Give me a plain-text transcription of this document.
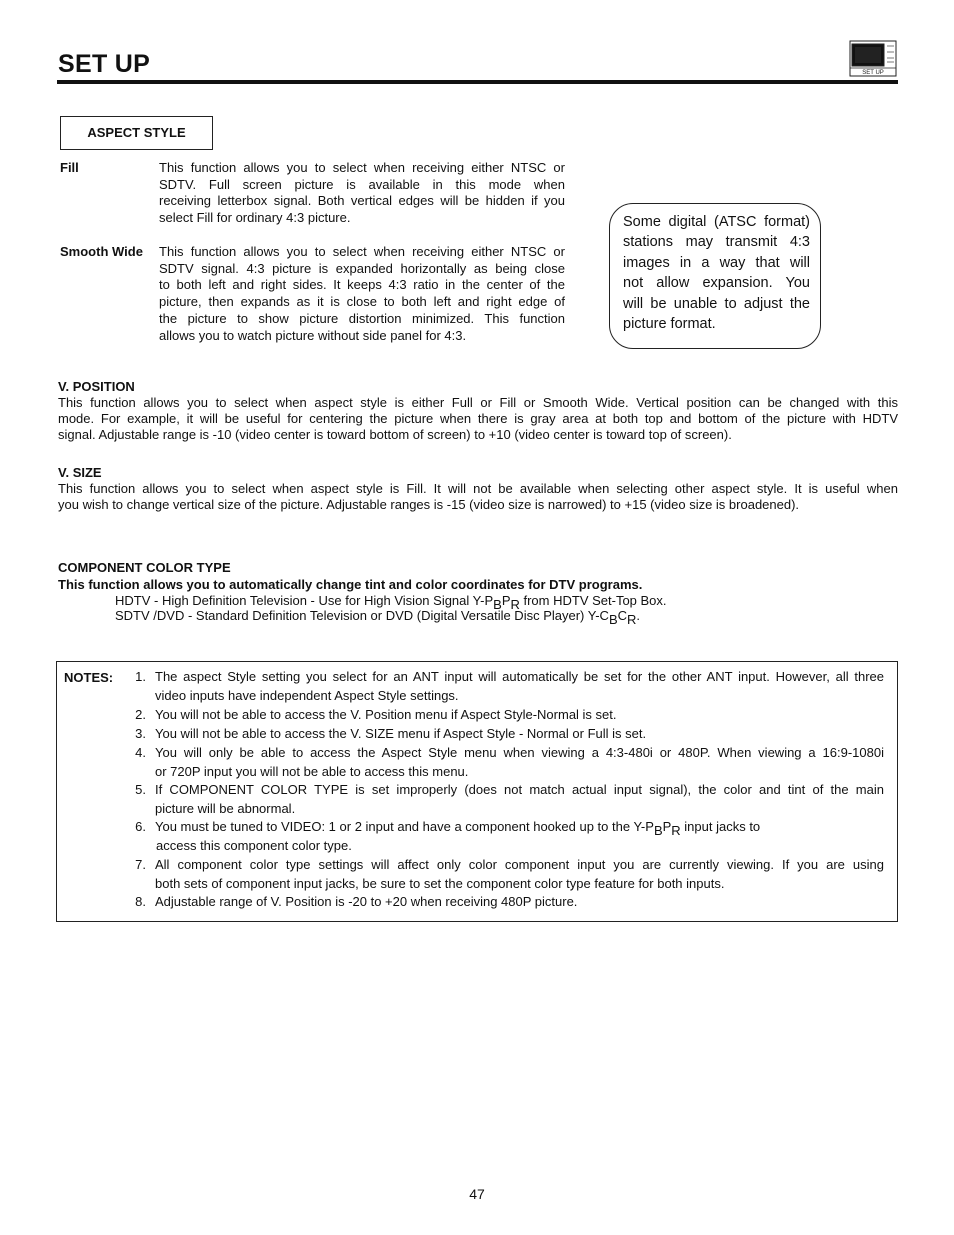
SET UP	SET UP
ASPECT STYLE
Fill	This function allows you to select when receiving either NTSC or
SDTV. Full screen picture is available in this mode when
receiving letterbox signal. Both vertical edges will be hidden if you
select Fill for ordinary 4:3 picture.
Smooth Wide This function allows you to select when receiving either NTSC or
SDTV signal. 4:3 picture is expanded horizontally as being close
to both left and right sides. It keeps 4:3 ratio in the center of the
picture, then expands as it is close to both left and right edge of
the picture to show picture distortion minimized. This function
allows you to watch picture without side panel for 4:3.
Some digital (ATSC format)
stations may transmit 4:3
images in a way that will
not allow expansion. You
will be unable to adjust the
picture format.
V. POSITION
This function allows you to select when aspect style is either Full or Fill or Smooth Wide. Vertical position can be changed with this
mode. For example, it will be useful for centering the picture when there is gray area at both top and bottom of the picture with HDTV
signal. Adjustable range is -10 (video center is toward bottom of screen) to +10 (video center is toward top of screen).
V. SIZE
This function allows you to select when aspect style is Fill. It will not be available when selecting other aspect style. It is useful when
you wish to change vertical size of the picture. Adjustable ranges is -15 (video size is narrowed) to +15 (video size is broadened).
COMPONENT COLOR TYPE
This function allows you to automatically change tint and color coordinates for DTV programs.
HDTV - High Definition Television - Use for High Vision Signal $Y-P_BP_R$ from HDTV Set-Top Box.
SDTV /DVD - Standard Definition Television or DVD (Digital Versatile Disc Player) $Y-C_BC_R$.
NOTES:	1. The aspect Style setting you select for an ANT input will automatically be set for the other ANT input. However, all three
video inputs have independent Aspect Style settings.
2. You will not be able to access the V. Position menu if Aspect Style-Normal is set.
3. You will not be able to access the V. SIZE menu if Aspect Style - Normal or Full is set.
4. You will only be able to access the Aspect Style menu when viewing a 4:3-480i or 480P. When viewing a 16:9-1080i
or 720P input you will not be able to access this menu.
5. If COMPONENT COLOR TYPE is set improperly (does not match actual input signal), the color and tint of the main
picture will be abnormal.
6. You must be tuned to VIDEO: 1 or 2 input and have a component hooked up to the $Y-P_BP_R$ input jacks to
access this component color type.
7. All component color type settings will affect only color component input you are currently viewing. If you are using
both sets of component input jacks, be sure to set the component color type feature for both inputs.
8. Adjustable range of V. Position is -20 to +20 when receiving 480P picture.
47
